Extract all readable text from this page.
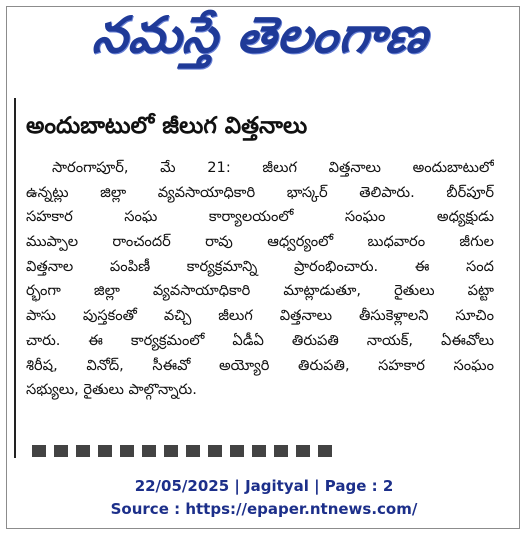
నమస్తే తెలంగాణ
అందుబాటులో జీలుగ విత్తనాలు
సారంగాపూర్, మే 21: జీలుగ విత్తనాలు అందుబాటులో
ఉన్నట్లు జిల్లా వ్యవసాయాధికారి భాస్కర్ తెలిపారు. బీర్‌పూర్
సహకార సంఘ కార్యాలయంలో సంఘం అధ్యక్షుడు
ముప్పాల రాంచందర్ రావు ఆధ్వర్యంలో బుధవారం జీగుల
విత్తనాల పంపిణీ కార్యక్రమాన్ని ప్రారంభించారు. ఈ సంద
ర్భంగా జిల్లా వ్యవసాయాధికారి మాట్లాడుతూ, రైతులు పట్టా
పాసు పుస్తకంతో వచ్చి జీలుగ విత్తనాలు తీసుకెళ్లాలని సూచిం
చారు. ఈ కార్యక్రమంలో ఏడీఏ తిరుపతి నాయక్, ఏఈవోలు
శిరీష, వినోద్, సీఈవో అయ్యోరి తిరుపతి, సహకార సంఘం
సభ్యులు, రైతులు పాల్గొన్నారు.
22/05/2025 | Jagityal | Page : 2
Source : https://epaper.ntnews.com/
